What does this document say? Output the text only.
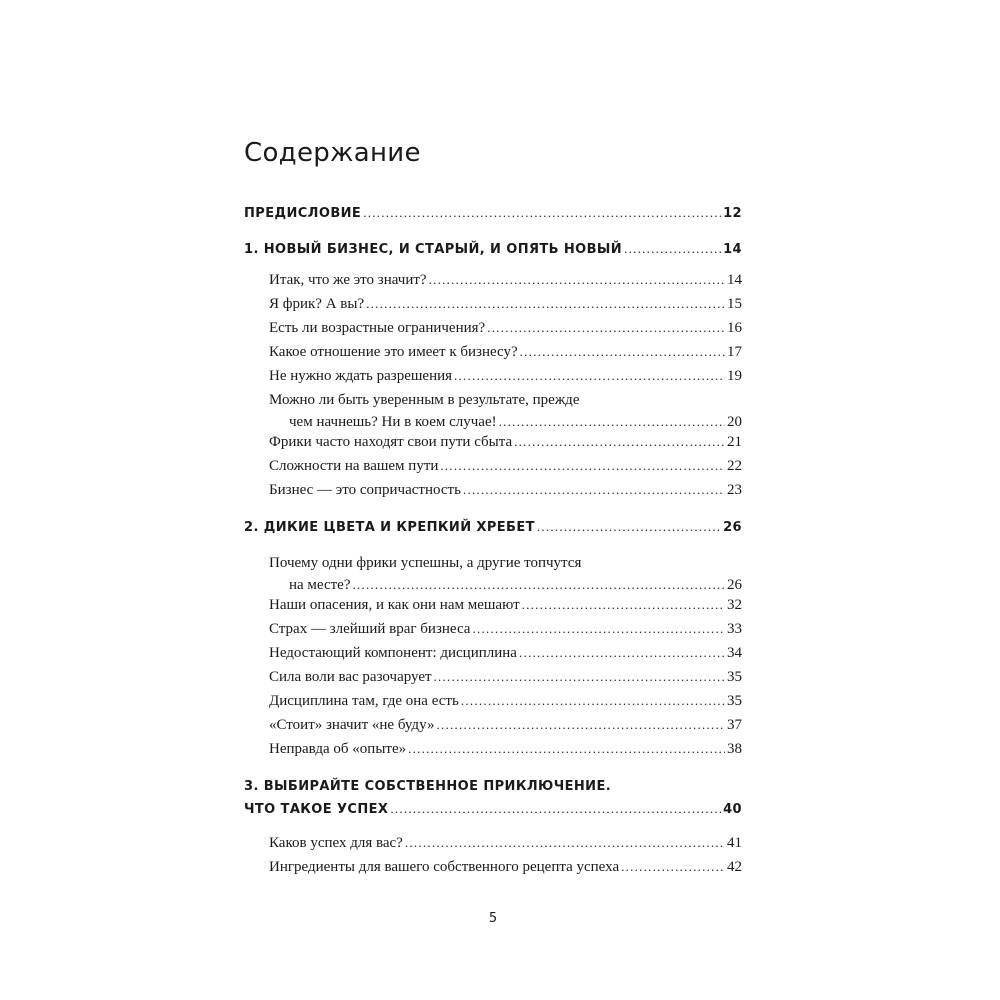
Содержание
ПРЕДИСЛОВИЕ . . .	12
1. НОВЫЙ БИЗНЕС, И СТАРЫЙ, И ОПЯТЬ НОВЫЙ . . .	14
Итак, что же это значит? . . .	14
Я фрик? А вы? . . .	15
Есть ли возрастные ограничения? . . .	16
Какое отношение это имеет к бизнесу? . . .	17
Не нужно ждать разрешения . . .	19
Можно ли быть уверенным в результате, прежде
чем начнешь? Ни в коем случае! . . .	20
Фрики часто находят свои пути сбыта . . .	21
Сложности на вашем пути . . .	22
Бизнес — это сопричастность . . .	23
2. ДИКИЕ ЦВЕТА И КРЕПКИЙ ХРЕБЕТ . . .	26
Почему одни фрики успешны, а другие топчутся
на месте? . . .	26
Наши опасения, и как они нам мешают . . .	32
Страх — злейший враг бизнеса . . .	33
Недостающий компонент: дисциплина . . .	34
Сила воли вас разочарует . . .	35
Дисциплина там, где она есть . . .	35
«Стоит» значит «не буду» . . .	37
Неправда об «опыте» . . .	38
3. ВЫБИРАЙТЕ СОБСТВЕННОЕ ПРИКЛЮЧЕНИЕ.
ЧТО ТАКОЕ УСПЕХ . . .	40
Каков успех для вас? . . .	41
Ингредиенты для вашего собственного рецепта успеха . . .	42
5
